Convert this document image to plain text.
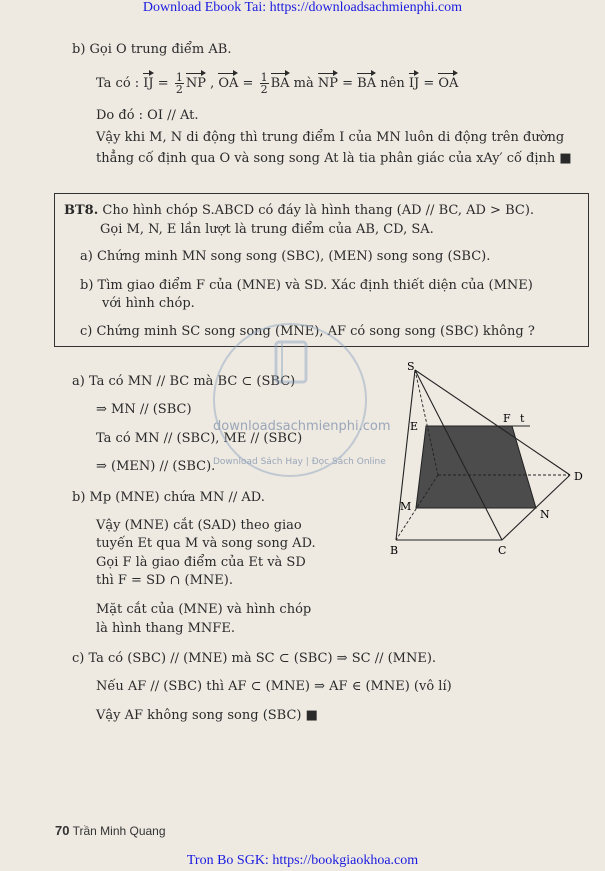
Download Ebook Tai: https://downloadsachmienphi.com
b) Gọi O trung điểm AB.
Ta có : IJ = $\frac{1}{2}$ NP , OA = $\frac{1}{2}$ BA mà NP = BA nên IJ = OA
Do đó : OI // At.
Vậy khi M, N di động thì trung điểm I của MN luôn di động trên đường
thẳng cố định qua O và song song At là tia phân giác của xAy′ cố định ■
BT8. Cho hình chóp S.ABCD có đáy là hình thang (AD // BC, AD > BC).
Gọi M, N, E lần lượt là trung điểm của AB, CD, SA.
a) Chứng minh MN song song (SBC), (MEN) song song (SBC).
b) Tìm giao điểm F của (MNE) và SD. Xác định thiết diện của (MNE)
với hình chóp.
c) Chứng minh SC song song (MNE), AF có song song (SBC) không ?
a) Ta có MN // BC mà BC ⊂ (SBC)
⇒ MN // (SBC)
Ta có MN // (SBC), ME // (SBC)
⇒ (MEN) // (SBC).
b) Mp (MNE) chứa MN // AD.
Vậy (MNE) cắt (SAD) theo giao
tuyến Et qua M và song song AD.
Gọi F là giao điểm của Et và SD
thì F = SD ∩ (MNE).
Mặt cắt của (MNE) và hình chóp
là hình thang MNFE.
c) Ta có (SBC) // (MNE) mà SC ⊂ (SBC) ⇒ SC // (MNE).
Nếu AF // (SBC) thì AF ⊂ (MNE) ⇒ AF ∈ (MNE) (vô lí)
Vậy AF không song song (SBC) ■
S
E
F t
D
M
N
B	C
downloadsachmienphi.com
Download Sách Hay | Đọc Sách Online
70 Trần Minh Quang
Tron Bo SGK: https://bookgiaokhoa.com
